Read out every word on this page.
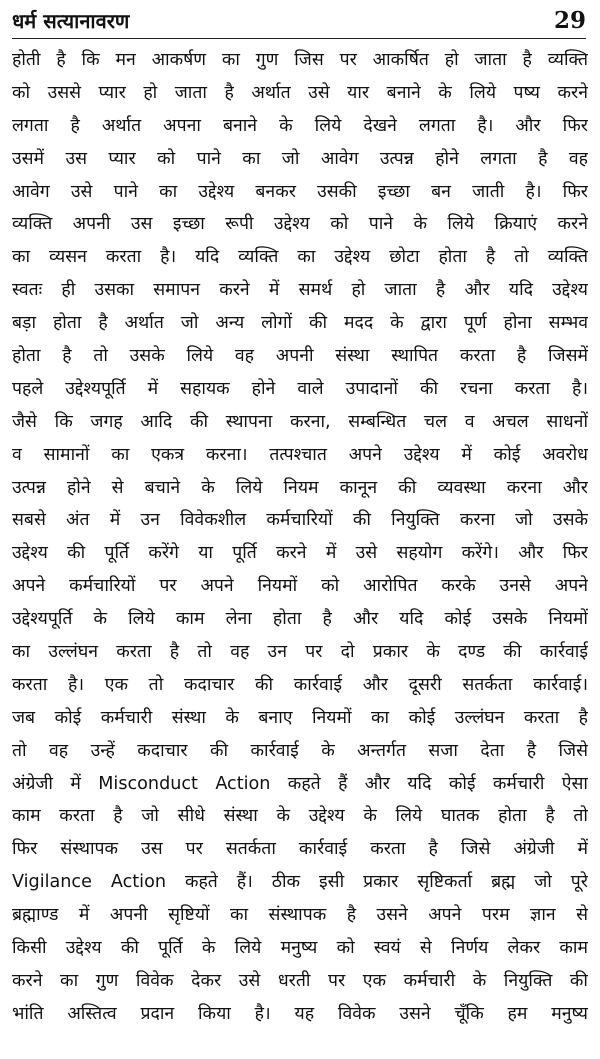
धर्म सत्यानावरण	29
होती है कि मन आकर्षण का गुण जिस पर आकर्षित हो जाता है व्यक्ति
को उससे प्यार हो जाता है अर्थात उसे यार बनाने के लिये पष्य करने
लगता है अर्थात अपना बनाने के लिये देखने लगता है। और फिर
उसमें उस प्यार को पाने का जो आवेग उत्पन्न होने लगता है वह
आवेग उसे पाने का उद्देश्य बनकर उसकी इच्छा बन जाती है। फिर
व्यक्ति अपनी उस इच्छा रूपी उद्देश्य को पाने के लिये क्रियाएं करने
का व्यसन करता है। यदि व्यक्ति का उद्देश्य छोटा होता है तो व्यक्ति
स्वतः ही उसका समापन करने में समर्थ हो जाता है और यदि उद्देश्य
बड़ा होता है अर्थात जो अन्य लोगों की मदद के द्वारा पूर्ण होना सम्भव
होता है तो उसके लिये वह अपनी संस्था स्थापित करता है जिसमें
पहले उद्देश्यपूर्ति में सहायक होने वाले उपादानों की रचना करता है।
जैसे कि जगह आदि की स्थापना करना, सम्बन्धित चल व अचल साधनों
व सामानों का एकत्र करना। तत्पश्चात अपने उद्देश्य में कोई अवरोध
उत्पन्न होने से बचाने के लिये नियम कानून की व्यवस्था करना और
सबसे अंत में उन विवेकशील कर्मचारियों की नियुक्ति करना जो उसके
उद्देश्य की पूर्ति करेंगे या पूर्ति करने में उसे सहयोग करेंगे। और फिर
अपने कर्मचारियों पर अपने नियमों को आरोपित करके उनसे अपने
उद्देश्यपूर्ति के लिये काम लेना होता है और यदि कोई उसके नियमों
का उल्लंघन करता है तो वह उन पर दो प्रकार के दण्ड की कार्रवाई
करता है। एक तो कदाचार की कार्रवाई और दूसरी सतर्कता कार्रवाई।
जब कोई कर्मचारी संस्था के बनाए नियमों का कोई उल्लंघन करता है
तो वह उन्हें कदाचार की कार्रवाई के अन्तर्गत सजा देता है जिसे
अंग्रेजी में Misconduct Action कहते हैं और यदि कोई कर्मचारी ऐसा
काम करता है जो सीधे संस्था के उद्देश्य के लिये घातक होता है तो
फिर संस्थापक उस पर सतर्कता कार्रवाई करता है जिसे अंग्रेजी में
Vigilance Action कहते हैं। ठीक इसी प्रकार सृष्टिकर्ता ब्रह्म जो पूरे
ब्रह्माण्ड में अपनी सृष्टियों का संस्थापक है उसने अपने परम ज्ञान से
किसी उद्देश्य की पूर्ति के लिये मनुष्य को स्वयं से निर्णय लेकर काम
करने का गुण विवेक देकर उसे धरती पर एक कर्मचारी के नियुक्ति की
भांति अस्तित्व प्रदान किया है। यह विवेक उसने चूँकि हम मनुष्य
